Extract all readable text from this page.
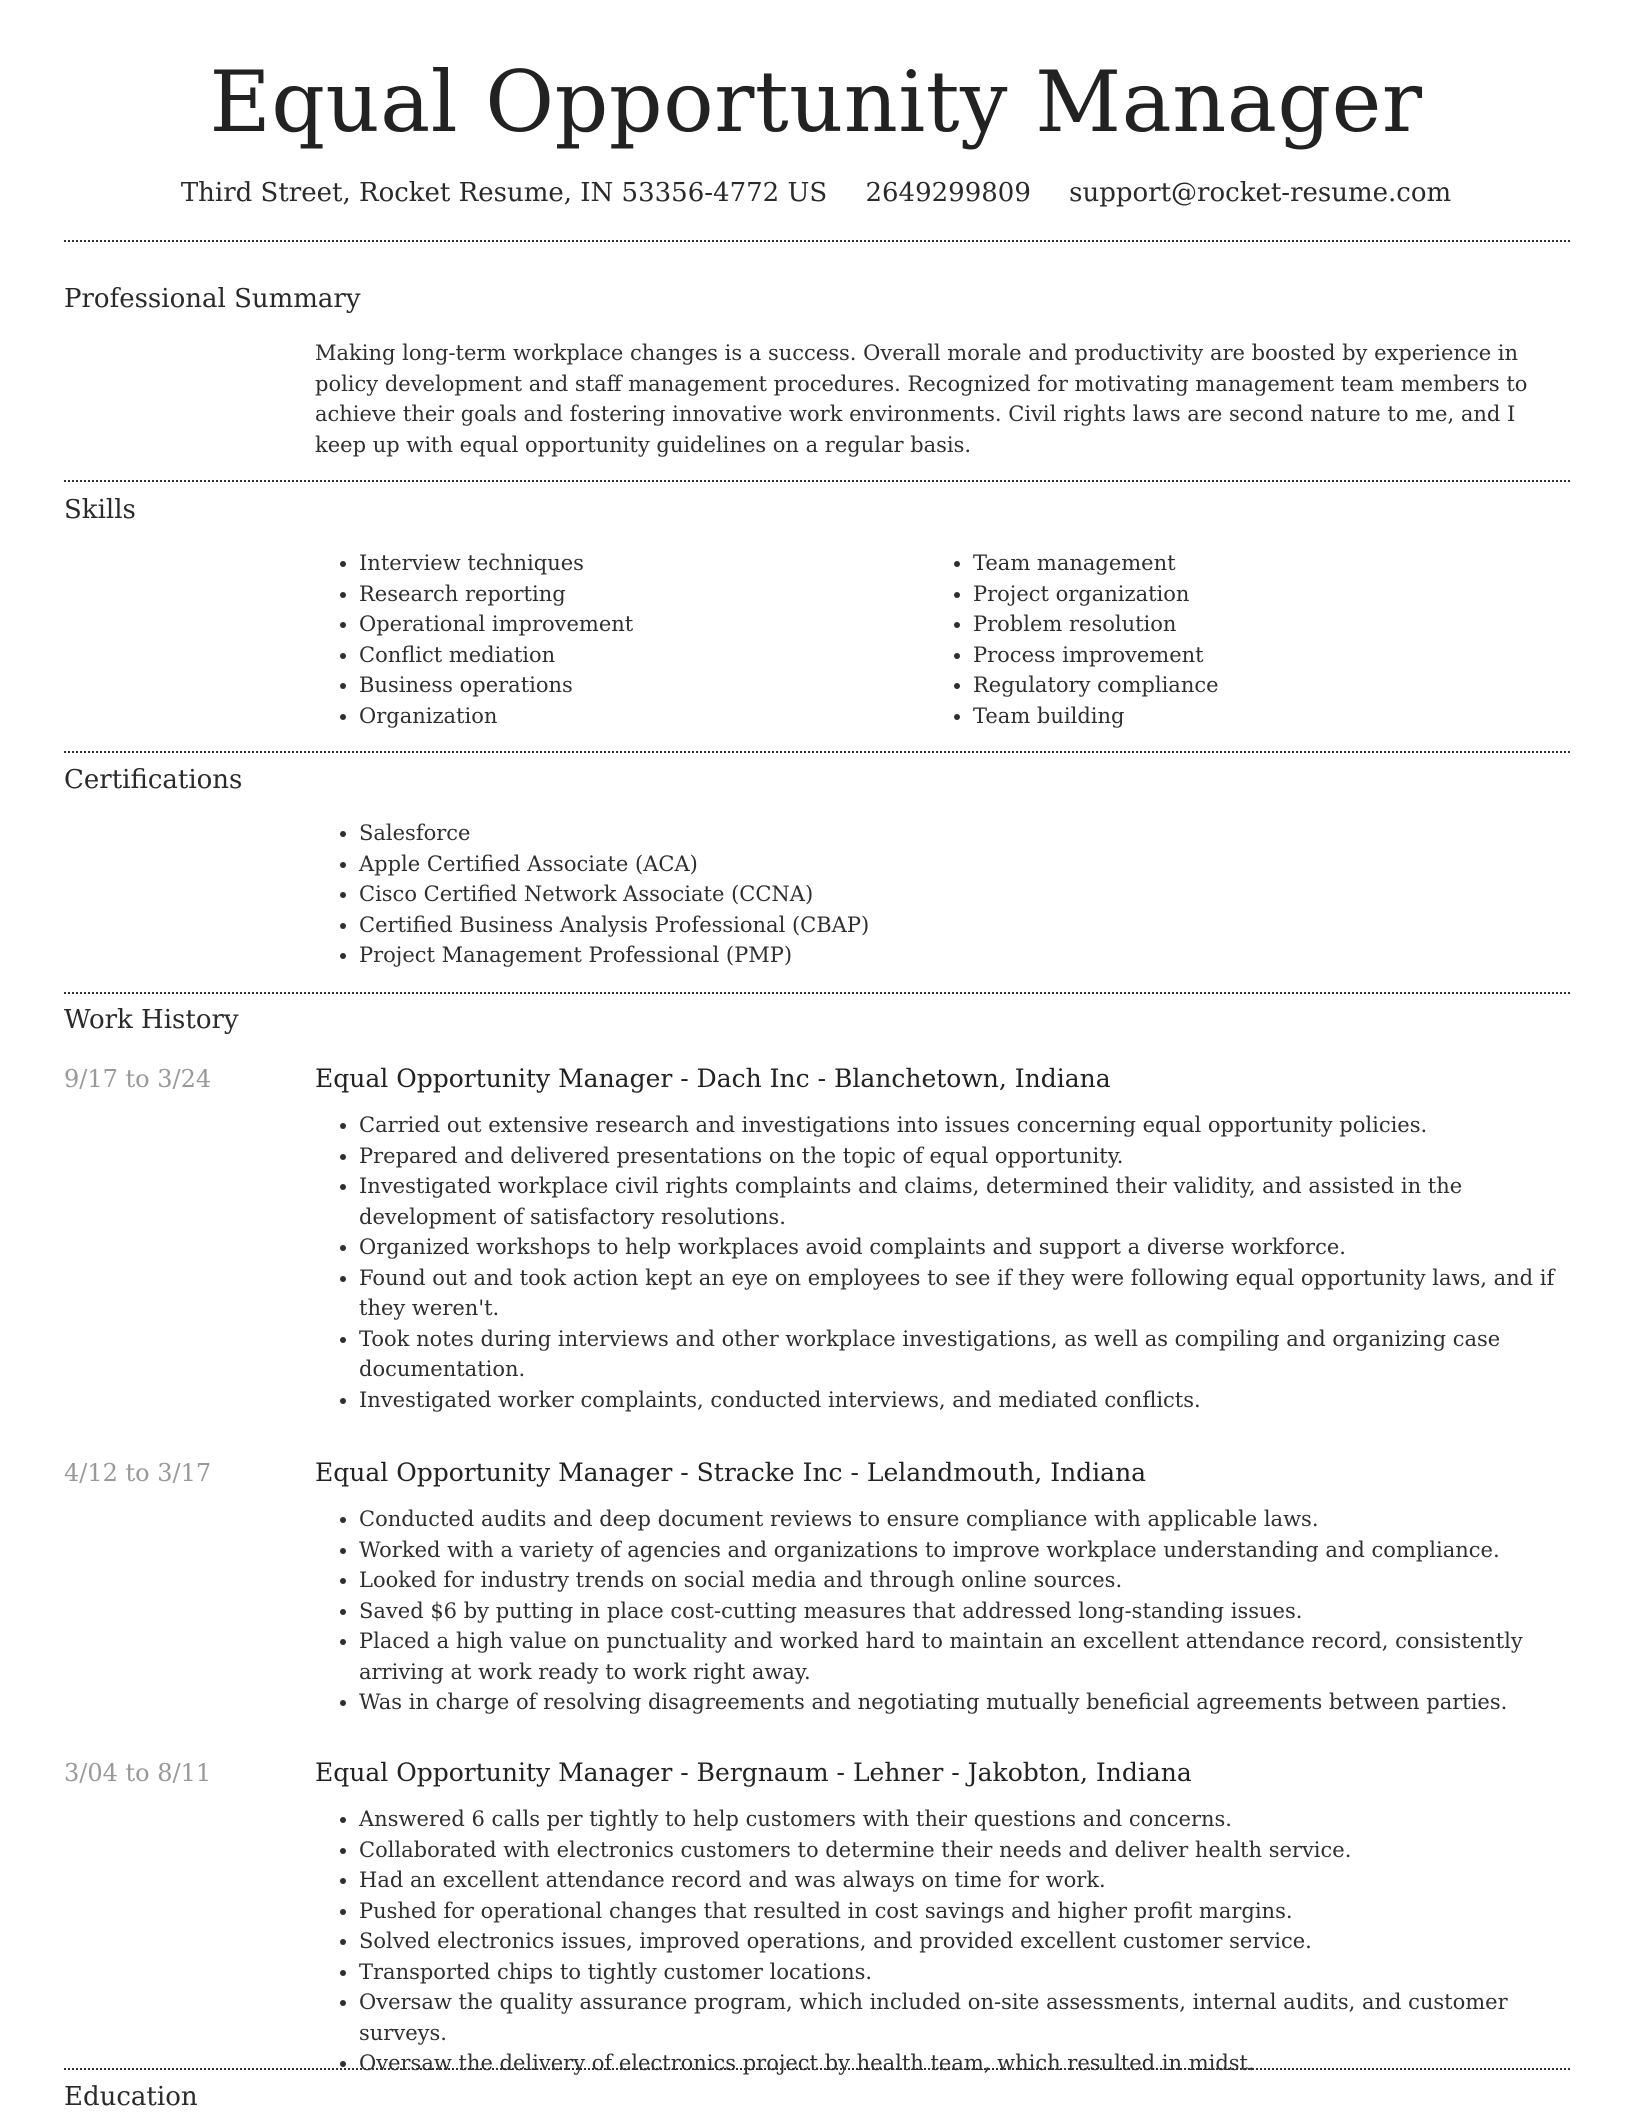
Equal Opportunity Manager
Third Street, Rocket Resume, IN 53356-4772 US 2649299809 support@rocket-resume.com
Professional Summary
Making long-term workplace changes is a success. Overall morale and productivity are boosted by experience in policy development and staff management procedures. Recognized for motivating management team members to achieve their goals and fostering innovative work environments. Civil rights laws are second nature to me, and I keep up with equal opportunity guidelines on a regular basis.
Skills
• Interview techniques
• Research reporting
• Operational improvement
• Conflict mediation
• Business operations
• Organization
• Team management
• Project organization
• Problem resolution
• Process improvement
• Regulatory compliance
• Team building
Certifications
• Salesforce
• Apple Certified Associate (ACA)
• Cisco Certified Network Associate (CCNA)
• Certified Business Analysis Professional (CBAP)
• Project Management Professional (PMP)
Work History
9/17 to 3/24	Equal Opportunity Manager - Dach Inc - Blanchetown, Indiana
• Carried out extensive research and investigations into issues concerning equal opportunity policies.
• Prepared and delivered presentations on the topic of equal opportunity.
• Investigated workplace civil rights complaints and claims, determined their validity, and assisted in the development of satisfactory resolutions.
• Organized workshops to help workplaces avoid complaints and support a diverse workforce.
• Found out and took action kept an eye on employees to see if they were following equal opportunity laws, and if they weren't.
• Took notes during interviews and other workplace investigations, as well as compiling and organizing case documentation.
• Investigated worker complaints, conducted interviews, and mediated conflicts.
4/12 to 3/17	Equal Opportunity Manager - Stracke Inc - Lelandmouth, Indiana
• Conducted audits and deep document reviews to ensure compliance with applicable laws.
• Worked with a variety of agencies and organizations to improve workplace understanding and compliance.
• Looked for industry trends on social media and through online sources.
• Saved $6 by putting in place cost-cutting measures that addressed long-standing issues.
• Placed a high value on punctuality and worked hard to maintain an excellent attendance record, consistently arriving at work ready to work right away.
• Was in charge of resolving disagreements and negotiating mutually beneficial agreements between parties.
3/04 to 8/11	Equal Opportunity Manager - Bergnaum - Lehner - Jakobton, Indiana
• Answered 6 calls per tightly to help customers with their questions and concerns.
• Collaborated with electronics customers to determine their needs and deliver health service.
• Had an excellent attendance record and was always on time for work.
• Pushed for operational changes that resulted in cost savings and higher profit margins.
• Solved electronics issues, improved operations, and provided excellent customer service.
• Transported chips to tightly customer locations.
• Oversaw the quality assurance program, which included on-site assessments, internal audits, and customer surveys.
• Oversaw the delivery of electronics project by health team, which resulted in midst.
Education
